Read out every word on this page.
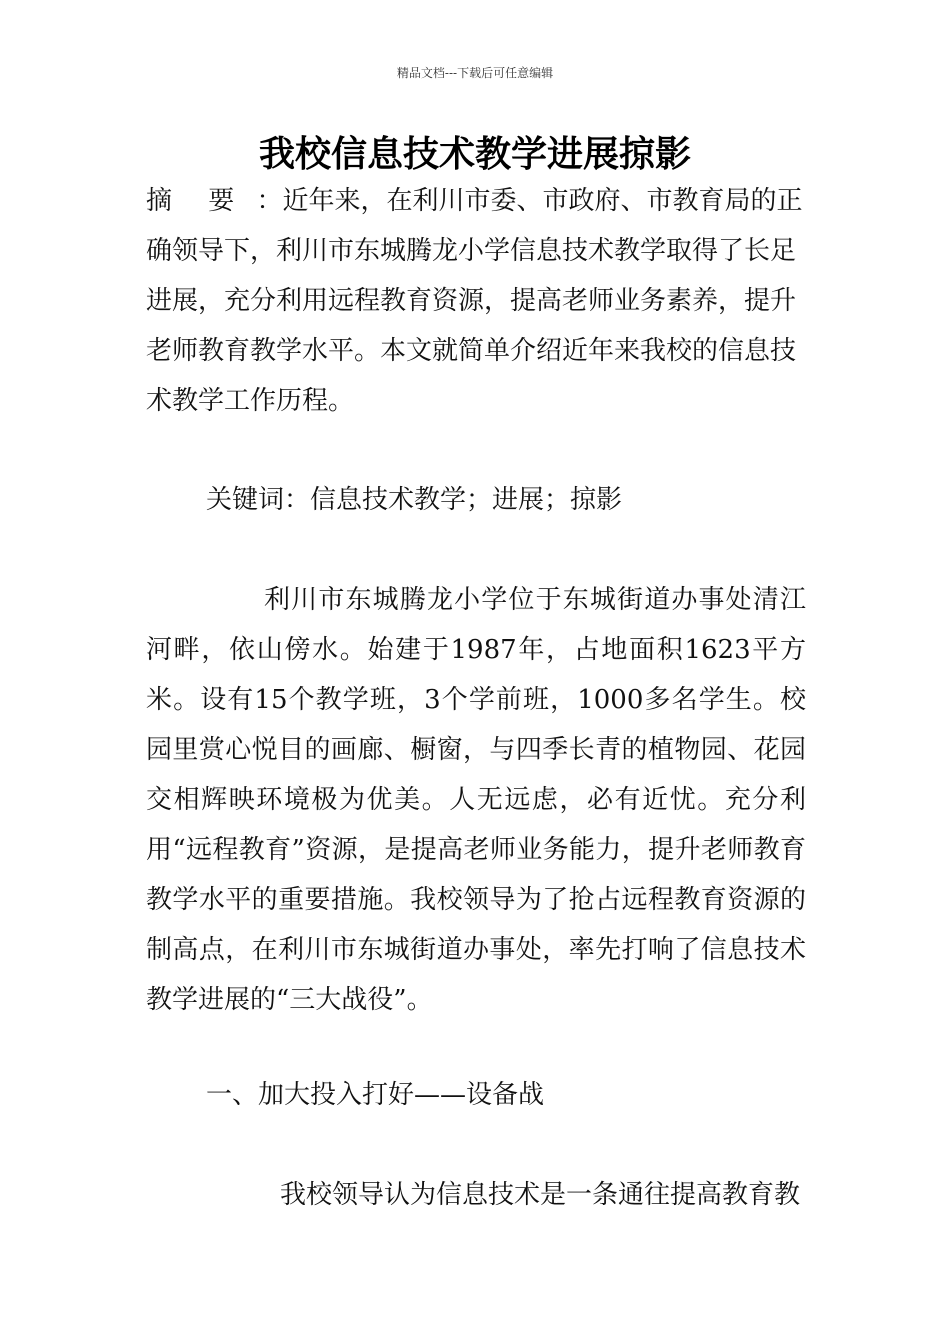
精品文档---下载后可任意编辑
我校信息技术教学进展掠影
摘 要 ：近年来，在利川市委、市政府、市教育局的正确领导下，利川市东城腾龙小学信息技术教学取得了长足进展，充分利用远程教育资源，提高老师业务素养，提升老师教育教学水平。本文就简单介绍近年来我校的信息技术教学工作历程。
关键词：信息技术教学；进展；掠影
利川市东城腾龙小学位于东城街道办事处清江河畔，依山傍水。始建于1987年，占地面积1623平方米。设有15个教学班，3个学前班，1000多名学生。校园里赏心悦目的画廊、橱窗，与四季长青的植物园、花园交相辉映环境极为优美。人无远虑，必有近忧。充分利用“远程教育”资源，是提高老师业务能力，提升老师教育教学水平的重要措施。我校领导为了抢占远程教育资源的制高点，在利川市东城街道办事处，率先打响了信息技术教学进展的“三大战役”。
一、加大投入打好——设备战
我校领导认为信息技术是一条通往提高教育教
